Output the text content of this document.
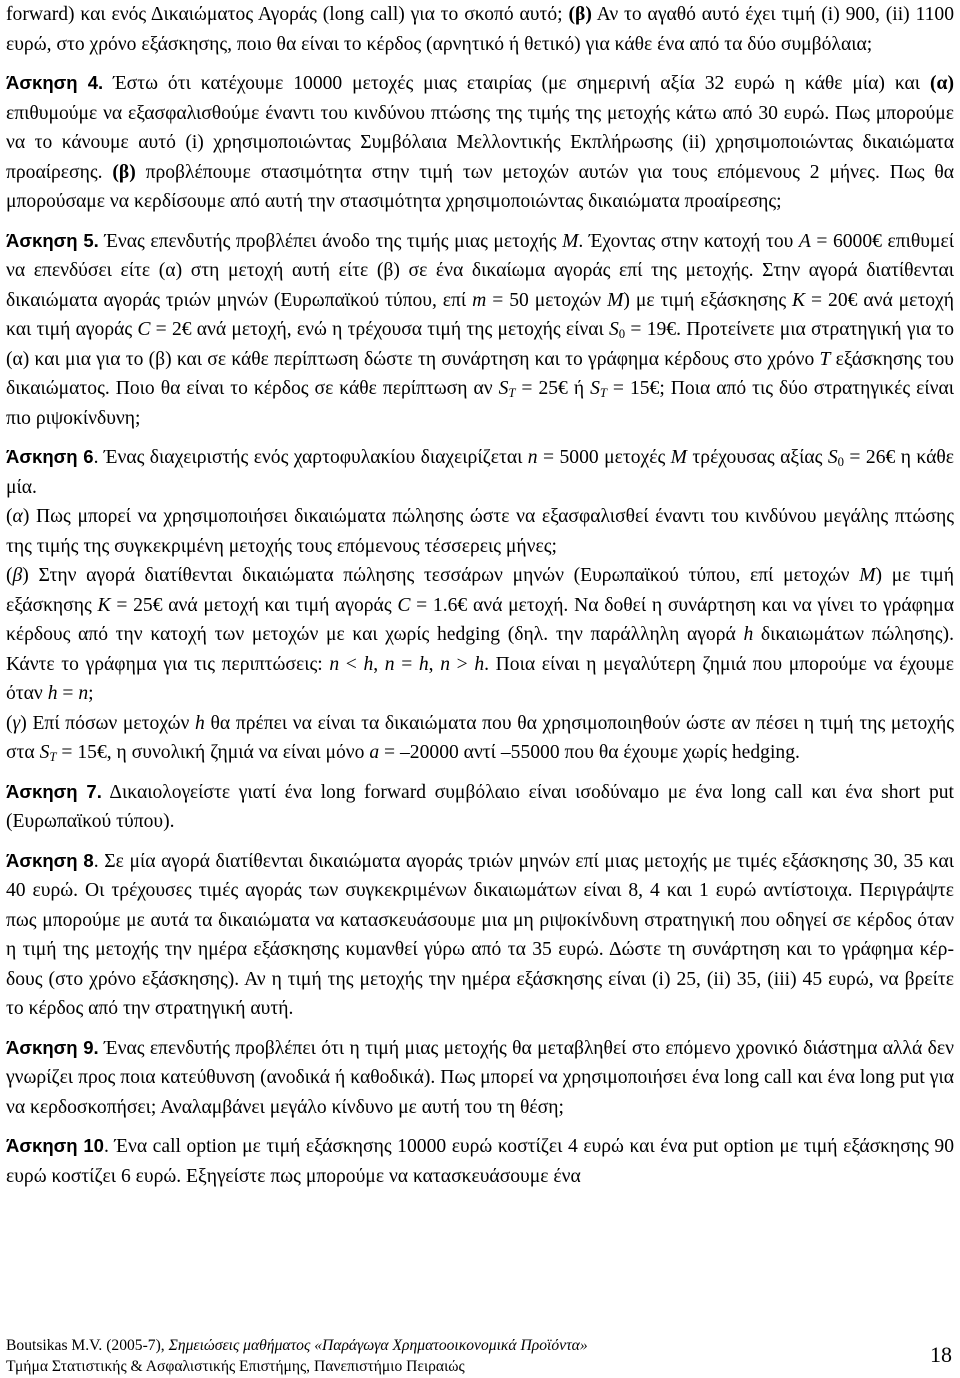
forward) και ενός Δικαιώματος Αγοράς (long call) για το σκοπό αυτό; (β) Αν το αγαθό αυτό έχει τιμή (i) 900, (ii) 1100 ευρώ, στο χρόνο εξάσκησης, ποιο θα είναι το κέρδος (αρνητικό ή θετικό) για κάθε ένα από τα δύο συμβόλαια;

Άσκηση 4. Έστω ότι κατέχουμε 10000 μετοχές μιας εταιρίας (με σημερινή αξία 32 ευρώ η κάθε μία) και (α) επιθυμούμε να εξασφαλισθούμε έναντι του κινδύνου πτώσης της τιμής της μετοχής κάτω από 30 ευρώ. Πως μπορούμε να το κάνουμε αυτό (i) χρησιμοποιώντας Συμβόλαια Μελλοντικής Εκπλήρωσης (ii) χρησιμοποιώντας δικαιώματα προαίρεσης. (β) προβλέπουμε στασιμότητα στην τιμή των μετοχών αυτών για τους επόμενους 2 μήνες. Πως θα μπορούσαμε να κερδίσουμε από αυτή την στασιμότητα χρησιμοποιώντας δικαιώματα προαίρεσης;

Άσκηση 5. Ένας επενδυτής προβλέπει άνοδο της τιμής μιας μετοχής Μ. Έχοντας στην κατοχή του A = 6000€ επιθυμεί να επενδύσει είτε (α) στη μετοχή αυτή είτε (β) σε ένα δικαίωμα αγοράς επί της μετοχής. Στην αγορά διατίθενται δικαιώματα αγοράς τριών μηνών (Ευρωπαϊκού τύπου, επί m = 50 μετοχών Μ) με τιμή εξάσκησης K = 20€ ανά μετοχή και τιμή αγοράς C = 2€ ανά μετοχή, ενώ η τρέχουσα τιμή της μετοχής είναι $S_0$ = 19€. Προτείνετε μια στρατηγική για το (α) και μια για το (β) και σε κάθε περίπτωση δώστε τη συνάρτηση και το γράφημα κέρδους στο χρόνο T εξάσκησης του δικαιώματος. Ποιο θα είναι το κέρδος σε κάθε περίπτωση αν $S_T$ = 25€ ή $S_T$ = 15€; Ποια από τις δύο στρατηγικές είναι πιο ριψοκίνδυνη;

Άσκηση 6. Ένας διαχειριστής ενός χαρτοφυλακίου διαχειρίζεται n = 5000 μετοχές M τρέχουσας αξίας $S_0$ = 26€ η κάθε μία.

(α) Πως μπορεί να χρησιμοποιήσει δικαιώματα πώλησης ώστε να εξασφαλισθεί έναντι του κινδύνου μεγάλης πτώσης της τιμής της συγκεκριμένη μετοχής τους επόμενους τέσσερεις μήνες;

(β) Στην αγορά διατίθενται δικαιώματα πώλησης τεσσάρων μηνών (Ευρωπαϊκού τύπου, επί μετοχών M) με τιμή εξάσκησης K = 25€ ανά μετοχή και τιμή αγοράς C = 1.6€ ανά μετοχή. Να δοθεί η συνάρτηση και να γίνει το γράφημα κέρδους από την κατοχή των μετοχών με και χωρίς hedging (δηλ. την παράλληλη αγορά h δικαιωμάτων πώλησης). Κάντε το γράφημα για τις περιπτώσεις: n < h, n = h, n > h. Ποια είναι η μεγαλύτερη ζημιά που μπορούμε να έχουμε όταν h = n;

(γ) Επί πόσων μετοχών h θα πρέπει να είναι τα δικαιώματα που θα χρησιμοποιηθούν ώστε αν πέσει η τιμή της μετοχής στα $S_T$ = 15€, η συνολική ζημιά να είναι μόνο a = –20000 αντί –55000 που θα έχουμε χωρίς hedging.

Άσκηση 7. Δικαιολογείστε γιατί ένα long forward συμβόλαιο είναι ισοδύναμο με ένα long call και ένα short put (Ευρωπαϊκού τύπου).

Άσκηση 8. Σε μία αγορά διατίθενται δικαιώματα αγοράς τριών μηνών επί μιας μετοχής με τιμές εξάσκησης 30, 35 και 40 ευρώ. Οι τρέχουσες τιμές αγοράς των συγκεκριμένων δικαιωμάτων είναι 8, 4 και 1 ευρώ αντίστοιχα. Περιγράψτε πως μπορούμε με αυτά τα δικαιώματα να κατασκευάσουμε μια μη ριψοκίνδυνη στρατηγική που οδηγεί σε κέρδος όταν η τιμή της μετοχής την ημέρα εξάσκησης κυμανθεί γύρω από τα 35 ευρώ. Δώστε τη συνάρτηση και το γράφημα κέρδους (στο χρόνο εξάσκησης). Αν η τιμή της μετοχής την ημέρα εξάσκησης είναι (i) 25, (ii) 35, (iii) 45 ευρώ, να βρείτε το κέρδος από την στρατηγική αυτή.

Άσκηση 9. Ένας επενδυτής προβλέπει ότι η τιμή μιας μετοχής θα μεταβληθεί στο επόμενο χρονικό διάστημα αλλά δεν γνωρίζει προς ποια κατεύθυνση (ανοδικά ή καθοδικά). Πως μπορεί να χρησιμοποιήσει ένα long call και ένα long put για να κερδοσκοπήσει; Αναλαμβάνει μεγάλο κίνδυνο με αυτή του τη θέση;

Άσκηση 10. Ένα call option με τιμή εξάσκησης 10000 ευρώ κοστίζει 4 ευρώ και ένα put option με τιμή εξάσκησης 90 ευρώ κοστίζει 6 ευρώ. Εξηγείστε πως μπορούμε να κατασκευάσουμε ένα

Boutsikas M.V. (2005-7), Σημειώσεις μαθήματος «Παράγωγα Χρηματοοικονομικά Προϊόντα»
Τμήμα Στατιστικής & Ασφαλιστικής Επιστήμης, Πανεπιστήμιο Πειραιώς	18
